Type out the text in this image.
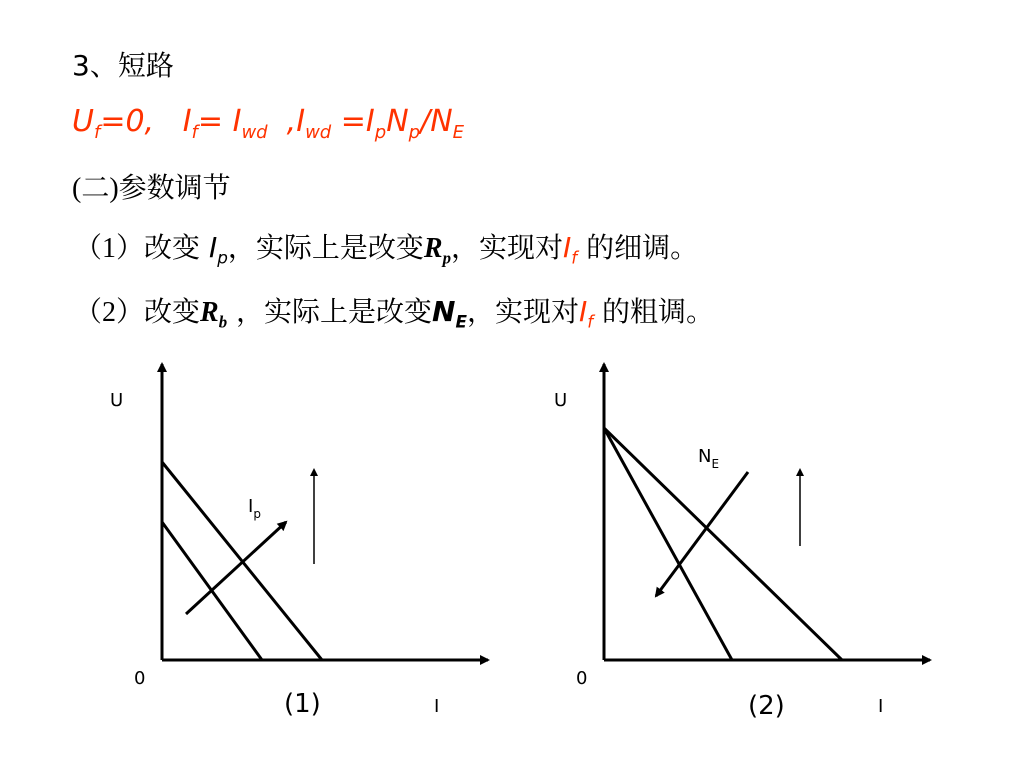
3、短路
$U_f=0$, $I_f= I_{wd}$ $,I_{wd} =I_pN_p/N_E$
(二)参数调节
（1）改变 $I_p$，实际上是改变$R_p$，实现对$I_f$ 的细调。
（2）改变$R_b$ ，实际上是改变$N_E$，实现对$I_f$ 的粗调。
U
0
I
(1)
$I_p$
U
0
I
(2)
$N_E$
